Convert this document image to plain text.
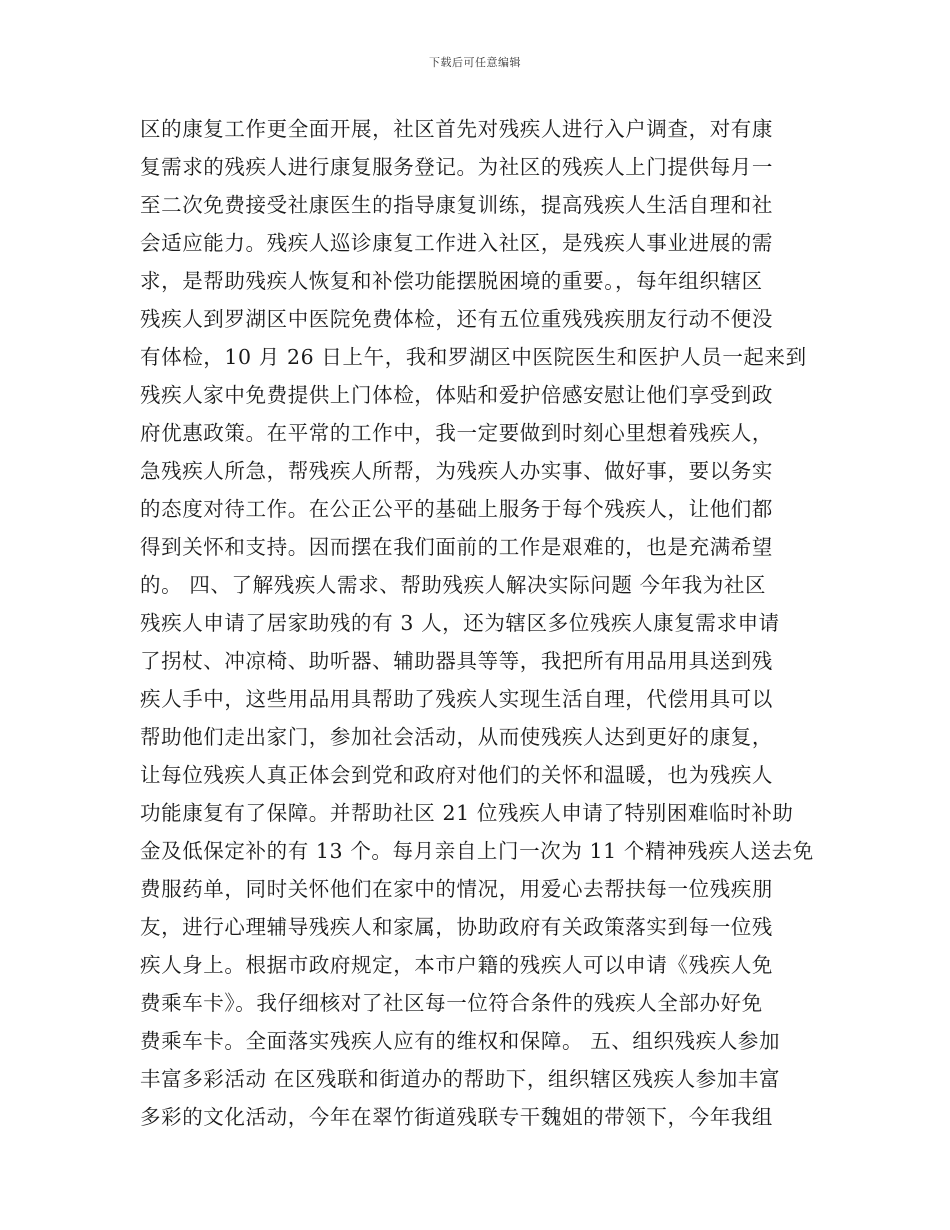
下载后可任意编辑
区的康复工作更全面开展，社区首先对残疾人进行入户调查，对有康
复需求的残疾人进行康复服务登记。为社区的残疾人上门提供每月一
至二次免费接受社康医生的指导康复训练，提高残疾人生活自理和社
会适应能力。残疾人巡诊康复工作进入社区，是残疾人事业进展的需
求，是帮助残疾人恢复和补偿功能摆脱困境的重要。，每年组织辖区
残疾人到罗湖区中医院免费体检，还有五位重残残疾朋友行动不便没
有体检，10 月 26 日上午，我和罗湖区中医院医生和医护人员一起来到
残疾人家中免费提供上门体检，体贴和爱护倍感安慰让他们享受到政
府优惠政策。在平常的工作中，我一定要做到时刻心里想着残疾人，
急残疾人所急，帮残疾人所帮，为残疾人办实事、做好事，要以务实
的态度对待工作。在公正公平的基础上服务于每个残疾人，让他们都
得到关怀和支持。因而摆在我们面前的工作是艰难的，也是充满希望
的。 四、了解残疾人需求、帮助残疾人解决实际问题 今年我为社区
残疾人申请了居家助残的有 3 人，还为辖区多位残疾人康复需求申请
了拐杖、冲凉椅、助听器、辅助器具等等，我把所有用品用具送到残
疾人手中，这些用品用具帮助了残疾人实现生活自理，代偿用具可以
帮助他们走出家门，参加社会活动，从而使残疾人达到更好的康复，
让每位残疾人真正体会到党和政府对他们的关怀和温暖，也为残疾人
功能康复有了保障。并帮助社区 21 位残疾人申请了特别困难临时补助
金及低保定补的有 13 个。每月亲自上门一次为 11 个精神残疾人送去免
费服药单，同时关怀他们在家中的情况，用爱心去帮扶每一位残疾朋
友，进行心理辅导残疾人和家属，协助政府有关政策落实到每一位残
疾人身上。根据市政府规定，本市户籍的残疾人可以申请《残疾人免
费乘车卡》。我仔细核对了社区每一位符合条件的残疾人全部办好免
费乘车卡。全面落实残疾人应有的维权和保障。 五、组织残疾人参加
丰富多彩活动 在区残联和街道办的帮助下，组织辖区残疾人参加丰富
多彩的文化活动，今年在翠竹街道残联专干魏姐的带领下，今年我组
